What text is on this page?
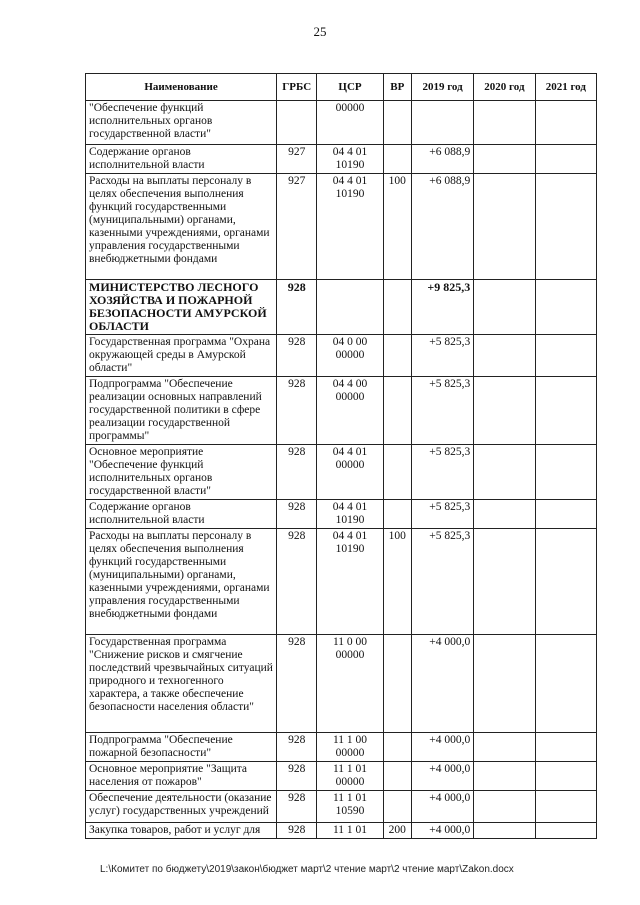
25
Наименование	ГРБС	ЦСР	ВР	2019 год	2020 год	2021 год
"Обеспечение функций исполнительных органов государственной власти"		00000				
Содержание органов исполнительной власти	927	04 4 01 10190		+6 088,9		
Расходы на выплаты персоналу в целях обеспечения выполнения функций государственными (муниципальными) органами, казенными учреждениями, органами управления государственными внебюджетными фондами	927	04 4 01 10190	100	+6 088,9		
МИНИСТЕРСТВО ЛЕСНОГО ХОЗЯЙСТВА И ПОЖАРНОЙ БЕЗОПАСНОСТИ АМУРСКОЙ ОБЛАСТИ	928			+9 825,3		
Государственная программа "Охрана окружающей среды в Амурской области"	928	04 0 00 00000		+5 825,3		
Подпрограмма "Обеспечение реализации основных направлений государственной политики в сфере реализации государственной программы"	928	04 4 00 00000		+5 825,3		
Основное мероприятие "Обеспечение функций исполнительных органов государственной власти"	928	04 4 01 00000		+5 825,3		
Содержание органов исполнительной власти	928	04 4 01 10190		+5 825,3		
Расходы на выплаты персоналу в целях обеспечения выполнения функций государственными (муниципальными) органами, казенными учреждениями, органами управления государственными внебюджетными фондами	928	04 4 01 10190	100	+5 825,3		
Государственная программа "Снижение рисков и смягчение последствий чрезвычайных ситуаций природного и техногенного характера, а также обеспечение безопасности населения области"	928	11 0 00 00000		+4 000,0		
Подпрограмма "Обеспечение пожарной безопасности"	928	11 1 00 00000		+4 000,0		
Основное мероприятие "Защита населения от пожаров"	928	11 1 01 00000		+4 000,0		
Обеспечение деятельности (оказание услуг) государственных учреждений	928	11 1 01 10590		+4 000,0		
Закупка товаров, работ и услуг для	928	11 1 01	200	+4 000,0		
L:\Комитет по бюджету\2019\закон\бюджет март\2 чтение март\2 чтение март\Zakon.docx
